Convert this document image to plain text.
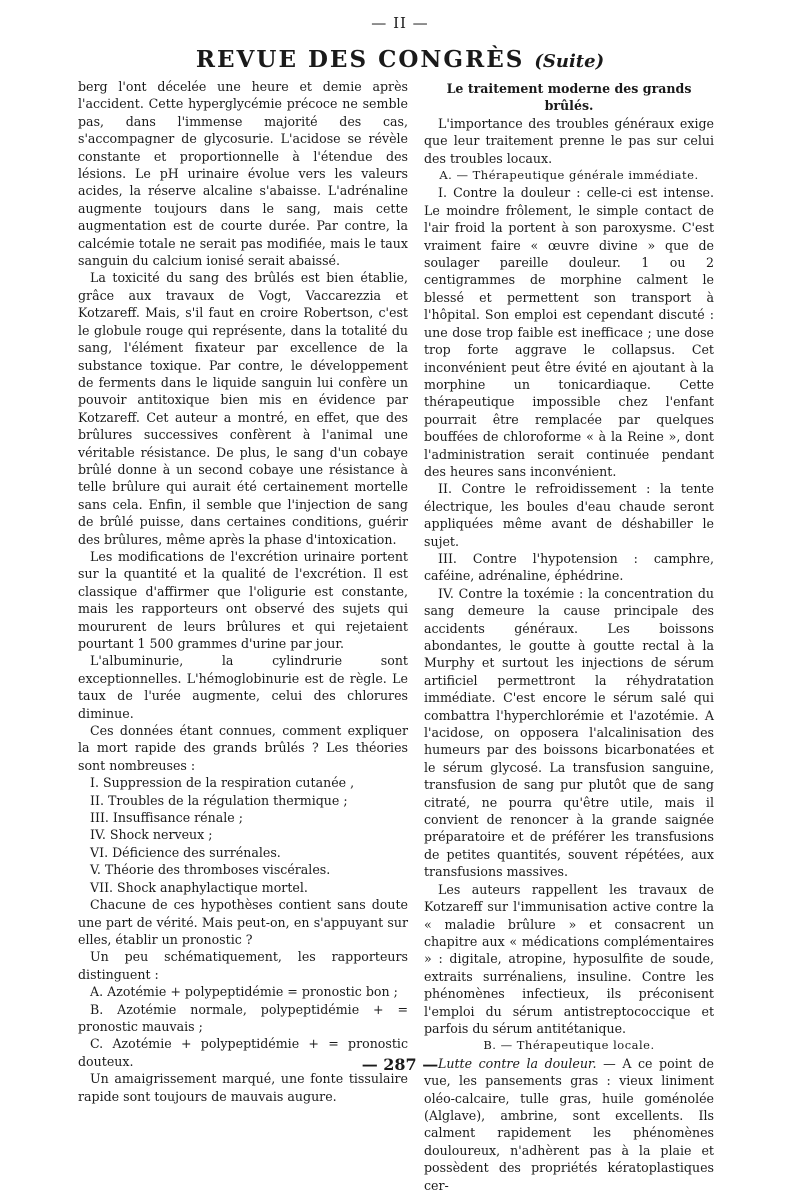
— II —
REVUE DES CONGRÈS (Suite)

berg l'ont décelée une heure et demie après l'accident. Cette hyperglycémie précoce ne semble pas, dans l'immense majorité des cas, s'accompagner de glycosurie. L'acidose se révèle constante et proportionnelle à l'étendue des lésions. Le pH urinaire évolue vers les valeurs acides, la réserve alcaline s'abaisse. L'adrénaline augmente toujours dans le sang, mais cette augmentation est de courte durée. Par contre, la calcémie totale ne serait pas modifiée, mais le taux sanguin du calcium ionisé serait abaissé.

La toxicité du sang des brûlés est bien établie, grâce aux travaux de Vogt, Vaccarezzia et Kotzareff. Mais, s'il faut en croire Robertson, c'est le globule rouge qui représente, dans la totalité du sang, l'élément fixateur par excellence de la substance toxique. Par contre, le développement de ferments dans le liquide sanguin lui confère un pouvoir antitoxique bien mis en évidence par Kotzareff. Cet auteur a montré, en effet, que des brûlures successives confèrent à l'animal une véritable résistance. De plus, le sang d'un cobaye brûlé donne à un second cobaye une résistance à telle brûlure qui aurait été certainement mortelle sans cela. Enfin, il semble que l'injection de sang de brûlé puisse, dans certaines conditions, guérir des brûlures, même après la phase d'intoxication.

Les modifications de l'excrétion urinaire portent sur la quantité et la qualité de l'excrétion. Il est classique d'affirmer que l'oligurie est constante, mais les rapporteurs ont observé des sujets qui moururent de leurs brûlures et qui rejetaient pourtant 1 500 grammes d'urine par jour.

L'albuminurie, la cylindrurie sont exceptionnelles. L'hémoglobinurie est de règle. Le taux de l'urée augmente, celui des chlorures diminue.

Ces données étant connues, comment expliquer la mort rapide des grands brûlés ? Les théories sont nombreuses :

I. Suppression de la respiration cutanée ,

II. Troubles de la régulation thermique ;

III. Insuffisance rénale ;

IV. Shock nerveux ;

VI. Déficience des surrénales.

V. Théorie des thromboses viscérales.

VII. Shock anaphylactique mortel.

Chacune de ces hypothèses contient sans doute une part de vérité. Mais peut-on, en s'appuyant sur elles, établir un pronostic ?

Un peu schématiquement, les rapporteurs distinguent :

A. Azotémie + polypeptidémie = pronostic bon ;

B. Azotémie normale, polypeptidémie + = pronostic mauvais ;

C. Azotémie + polypeptidémie + = pronostic douteux.

Un amaigrissement marqué, une fonte tissulaire rapide sont toujours de mauvais augure.

Le traitement moderne des grands brûlés.

L'importance des troubles généraux exige que leur traitement prenne le pas sur celui des troubles locaux.

A. — Thérapeutique générale immédiate.

I. Contre la douleur : celle-ci est intense. Le moindre frôlement, le simple contact de l'air froid la portent à son paroxysme. C'est vraiment faire « œuvre divine » que de soulager pareille douleur. 1 ou 2 centigrammes de morphine calment le blessé et permettent son transport à l'hôpital. Son emploi est cependant discuté : une dose trop faible est inefficace ; une dose trop forte aggrave le collapsus. Cet inconvénient peut être évité en ajoutant à la morphine un tonicardiaque. Cette thérapeutique impossible chez l'enfant pourrait être remplacée par quelques bouffées de chloroforme « à la Reine », dont l'administration serait continuée pendant des heures sans inconvénient.

II. Contre le refroidissement : la tente électrique, les boules d'eau chaude seront appliquées même avant de déshabiller le sujet.

III. Contre l'hypotension : camphre, caféine, adrénaline, éphédrine.

IV. Contre la toxémie : la concentration du sang demeure la cause principale des accidents généraux. Les boissons abondantes, le goutte à goutte rectal à la Murphy et surtout les injections de sérum artificiel permettront la réhydratation immédiate. C'est encore le sérum salé qui combattra l'hyperchlorémie et l'azotémie. A l'acidose, on opposera l'alcalinisation des humeurs par des boissons bicarbonatées et le sérum glycosé. La transfusion sanguine, transfusion de sang pur plutôt que de sang citraté, ne pourra qu'être utile, mais il convient de renoncer à la grande saignée préparatoire et de préférer les transfusions de petites quantités, souvent répétées, aux transfusions massives.

Les auteurs rappellent les travaux de Kotzareff sur l'immunisation active contre la « maladie brûlure » et consacrent un chapitre aux « médications complémentaires » : digitale, atropine, hyposulfite de soude, extraits surrénaliens, insuline. Contre les phénomènes infectieux, ils préconisent l'emploi du sérum antistreptococcique et parfois du sérum antitétanique.

B. — Thérapeutique locale.

Lutte contre la douleur. — A ce point de vue, les pansements gras : vieux liniment oléo-calcaire, tulle gras, huile goménolée (Alglave), ambrine, sont excellents. Ils calment rapidement les phénomènes douloureux, n'adhèrent pas à la plaie et possèdent des propriétés kératoplastiques cer-

— 287 —
